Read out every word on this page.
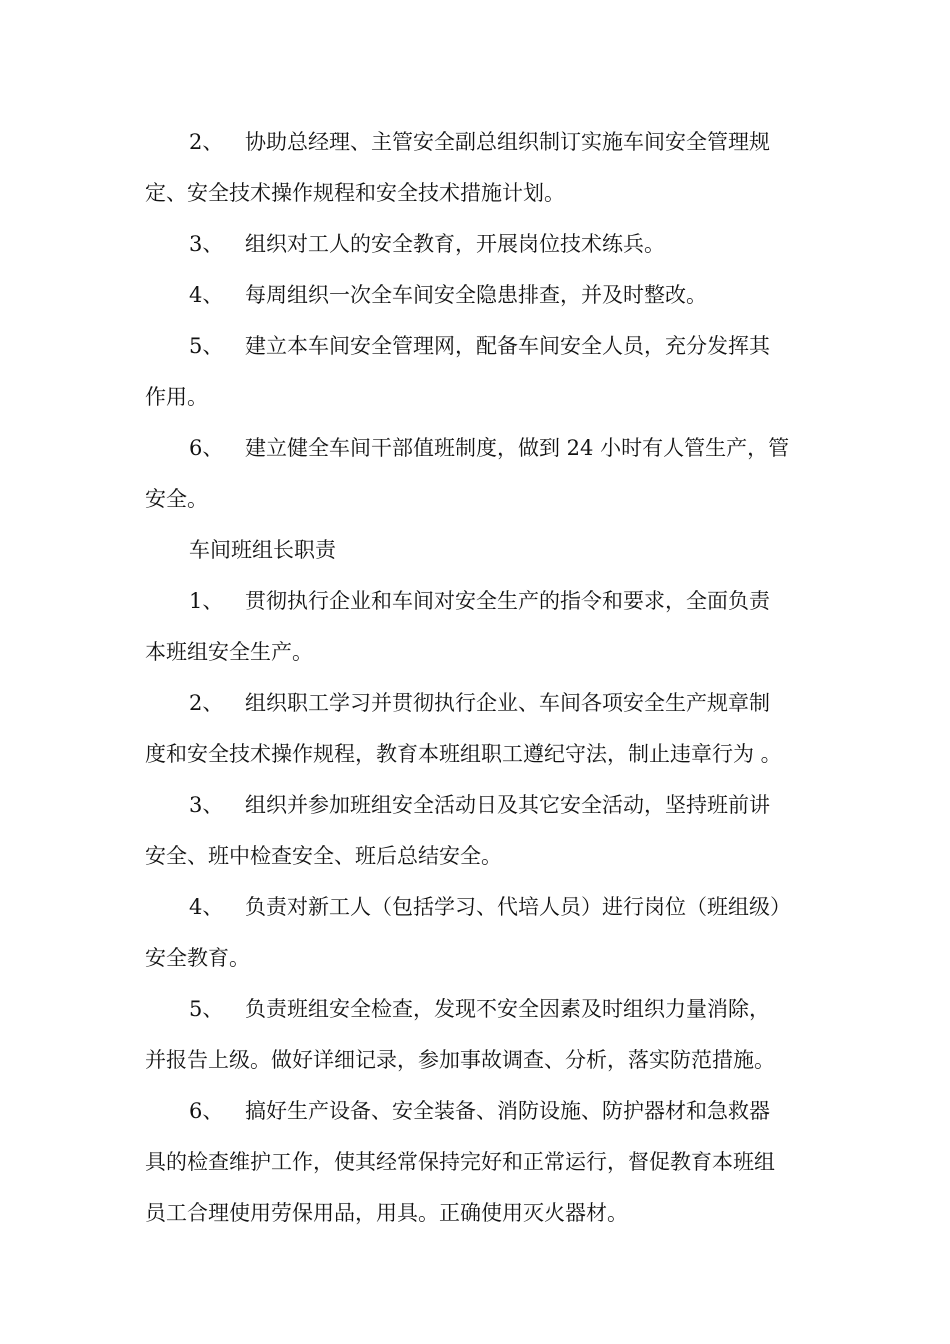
2、 协助总经理、主管安全副总组织制订实施车间安全管理规
定、安全技术操作规程和安全技术措施计划。
3、 组织对工人的安全教育，开展岗位技术练兵。
4、 每周组织一次全车间安全隐患排查，并及时整改。
5、 建立本车间安全管理网，配备车间安全人员，充分发挥其
作用。
6、 建立健全车间干部值班制度，做到 24 小时有人管生产，管
安全。
车间班组长职责
1、 贯彻执行企业和车间对安全生产的指令和要求，全面负责
本班组安全生产。
2、 组织职工学习并贯彻执行企业、车间各项安全生产规章制
度和安全技术操作规程，教育本班组职工遵纪守法，制止违章行为 。
3、 组织并参加班组安全活动日及其它安全活动，坚持班前讲
安全、班中检查安全、班后总结安全。
4、 负责对新工人（包括学习、代培人员）进行岗位（班组级）
安全教育。
5、 负责班组安全检查，发现不安全因素及时组织力量消除，
并报告上级。做好详细记录，参加事故调查、分析，落实防范措施。
6、 搞好生产设备、安全装备、消防设施、防护器材和急救器
具的检查维护工作，使其经常保持完好和正常运行，督促教育本班组
员工合理使用劳保用品，用具。正确使用灭火器材。
